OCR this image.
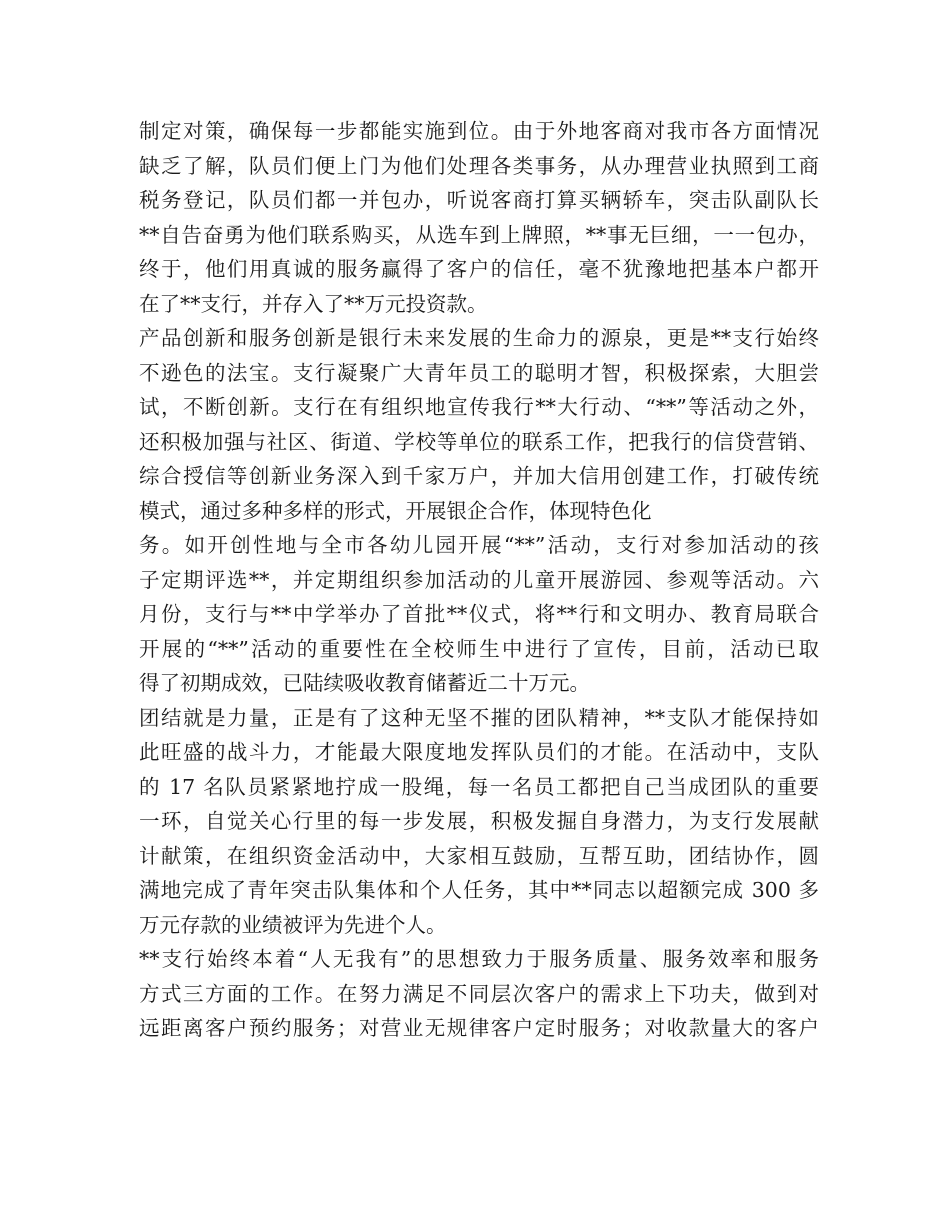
制定对策，确保每一步都能实施到位。由于外地客商对我市各方面情况
缺乏了解，队员们便上门为他们处理各类事务，从办理营业执照到工商
税务登记，队员们都一并包办，听说客商打算买辆轿车，突击队副队长
**自告奋勇为他们联系购买，从选车到上牌照，**事无巨细，一一包办，
终于，他们用真诚的服务赢得了客户的信任，毫不犹豫地把基本户都开
在了**支行，并存入了**万元投资款。
产品创新和服务创新是银行未来发展的生命力的源泉，更是**支行始终
不逊色的法宝。支行凝聚广大青年员工的聪明才智，积极探索，大胆尝
试，不断创新。支行在有组织地宣传我行**大行动、“**”等活动之外，
还积极加强与社区、街道、学校等单位的联系工作，把我行的信贷营销、
综合授信等创新业务深入到千家万户，并加大信用创建工作，打破传统
模式，通过多种多样的形式，开展银企合作，体现特色化
务。如开创性地与全市各幼儿园开展“**”活动，支行对参加活动的孩
子定期评选**，并定期组织参加活动的儿童开展游园、参观等活动。六
月份，支行与**中学举办了首批**仪式，将**行和文明办、教育局联合
开展的“**”活动的重要性在全校师生中进行了宣传，目前，活动已取
得了初期成效，已陆续吸收教育储蓄近二十万元。
团结就是力量，正是有了这种无坚不摧的团队精神，**支队才能保持如
此旺盛的战斗力，才能最大限度地发挥队员们的才能。在活动中，支队
的 17 名队员紧紧地拧成一股绳，每一名员工都把自己当成团队的重要
一环，自觉关心行里的每一步发展，积极发掘自身潜力，为支行发展献
计献策，在组织资金活动中，大家相互鼓励，互帮互助，团结协作，圆
满地完成了青年突击队集体和个人任务，其中**同志以超额完成 300 多
万元存款的业绩被评为先进个人。
**支行始终本着“人无我有”的思想致力于服务质量、服务效率和服务
方式三方面的工作。在努力满足不同层次客户的需求上下功夫，做到对
远距离客户预约服务；对营业无规律客户定时服务；对收款量大的客户
